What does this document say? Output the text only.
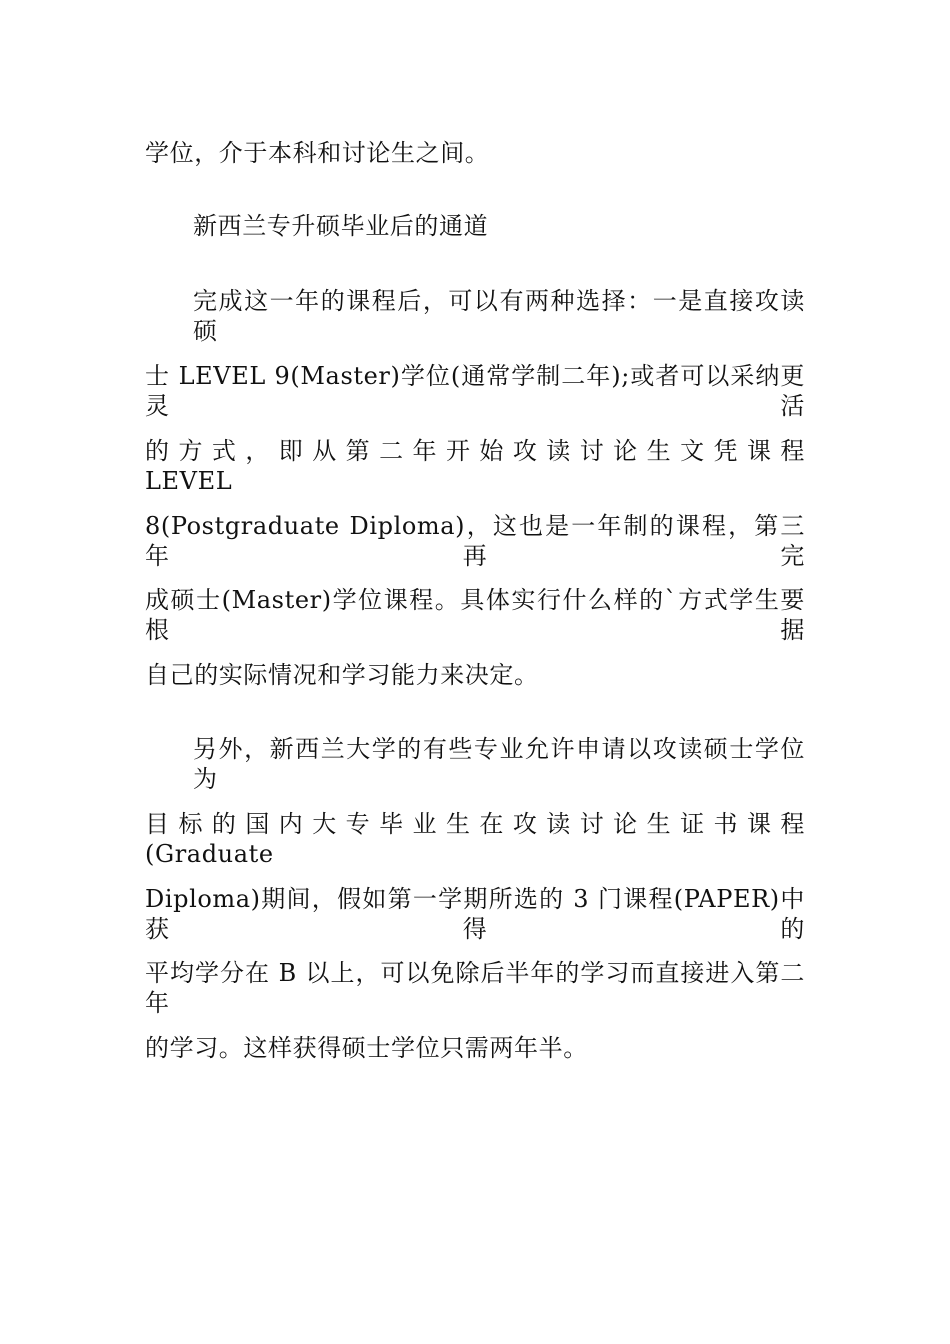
学位，介于本科和讨论生之间。
新西兰专升硕毕业后的通道
完成这一年的课程后，可以有两种选择：一是直接攻读硕
士 LEVEL 9(Master)学位(通常学制二年);或者可以采纳更灵活
的 方 式 ， 即 从 第 二 年 开 始 攻 读 讨 论 生 文 凭 课 程 LEVEL
8(Postgraduate Diploma)，这也是一年制的课程，第三年再完
成硕士(Master)学位课程。具体实行什么样的`方式学生要根据
自己的实际情况和学习能力来决定。
另外，新西兰大学的有些专业允许申请以攻读硕士学位为
目 标 的 国 内 大 专 毕 业 生 在 攻 读 讨 论 生 证 书 课 程 (Graduate
Diploma)期间，假如第一学期所选的 3 门课程(PAPER)中获得的
平均学分在 B 以上，可以免除后半年的学习而直接进入第二年
的学习。这样获得硕士学位只需两年半。
